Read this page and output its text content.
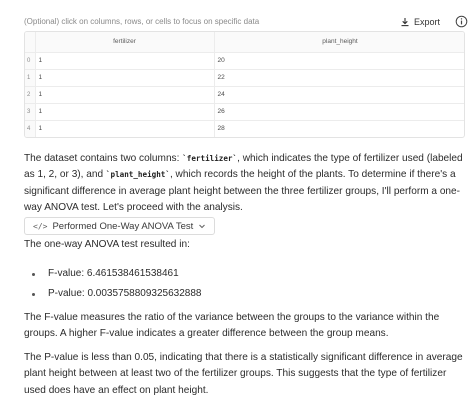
(Optional) click on columns, rows, or cells to focus on specific data	Export
	fertilizer	plant_height
0	1	20
1	1	22
2	1	24
3	1	26
4	1	28

The dataset contains two columns: `fertilizer`, which indicates the type of fertilizer used (labeled as 1, 2, or 3), and `plant_height`, which records the height of the plants. To determine if there's a significant difference in average plant height between the three fertilizer groups, I'll perform a one-way ANOVA test. Let's proceed with the analysis.

</> Performed One-Way ANOVA Test

The one-way ANOVA test resulted in:

F-value: 6.461538461538461
P-value: 0.0035758809325632888

The F-value measures the ratio of the variance between the groups to the variance within the groups. A higher F-value indicates a greater difference between the group means.

The P-value is less than 0.05, indicating that there is a statistically significant difference in average plant height between at least two of the fertilizer groups. This suggests that the type of fertilizer used does have an effect on plant height.
